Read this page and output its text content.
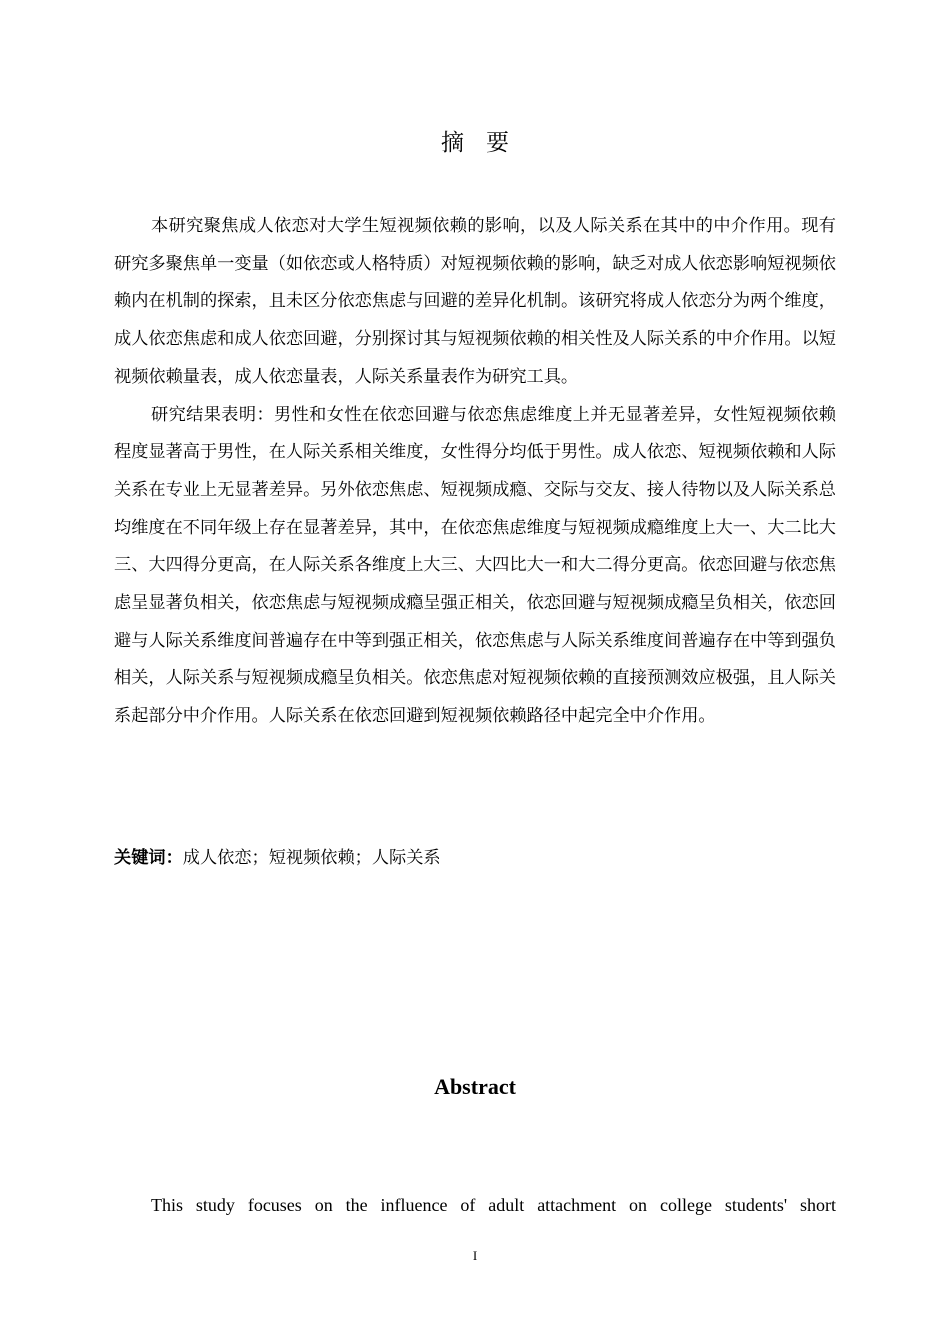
摘要

本研究聚焦成人依恋对大学生短视频依赖的影响，以及人际关系在其中的中介作用。现有研究多聚焦单一变量（如依恋或人格特质）对短视频依赖的影响，缺乏对成人依恋影响短视频依赖内在机制的探索，且未区分依恋焦虑与回避的差异化机制。该研究将成人依恋分为两个维度，成人依恋焦虑和成人依恋回避，分别探讨其与短视频依赖的相关性及人际关系的中介作用。以短视频依赖量表，成人依恋量表，人际关系量表作为研究工具。

研究结果表明：男性和女性在依恋回避与依恋焦虑维度上并无显著差异，女性短视频依赖程度显著高于男性，在人际关系相关维度，女性得分均低于男性。成人依恋、短视频依赖和人际关系在专业上无显著差异。另外依恋焦虑、短视频成瘾、交际与交友、接人待物以及人际关系总均维度在不同年级上存在显著差异，其中，在依恋焦虑维度与短视频成瘾维度上大一、大二比大三、大四得分更高，在人际关系各维度上大三、大四比大一和大二得分更高。依恋回避与依恋焦虑呈显著负相关，依恋焦虑与短视频成瘾呈强正相关，依恋回避与短视频成瘾呈负相关，依恋回避与人际关系维度间普遍存在中等到强正相关，依恋焦虑与人际关系维度间普遍存在中等到强负相关，人际关系与短视频成瘾呈负相关。依恋焦虑对短视频依赖的直接预测效应极强，且人际关系起部分中介作用。人际关系在依恋回避到短视频依赖路径中起完全中介作用。

关键词：成人依恋；短视频依赖；人际关系
Abstract

This study focuses on the influence of adult attachment on college students' short

I
